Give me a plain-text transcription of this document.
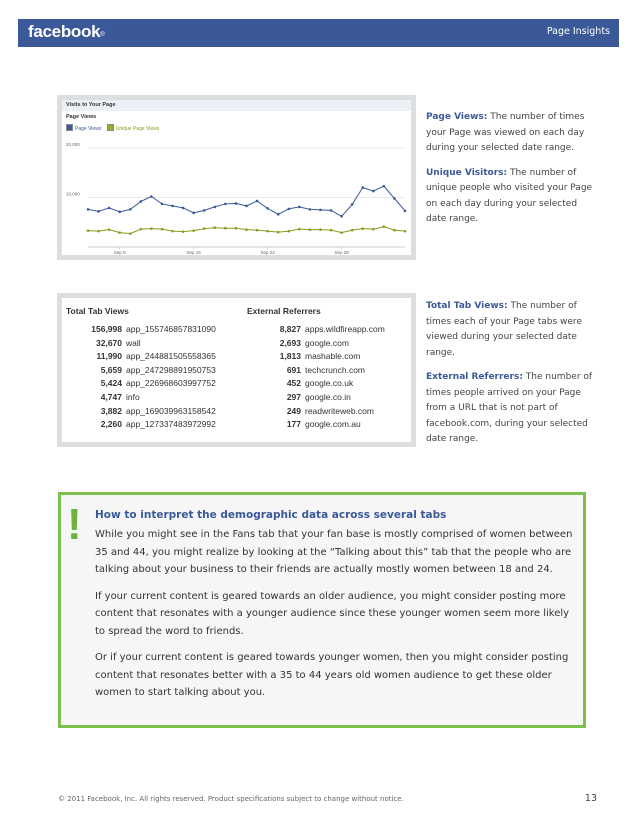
facebook®	Page Insights
Visits to Your Page
Page Views
Page Views	Unique Page Views
20,000
10,000
Sep 8	Sep 15	Sep 22	Sep 29
Total Tab Views	External Referrers
156,998 app_155746857831090
32,670 wall
11,990 app_244881505558365
5,659 app_247298891950753
5,424 app_226968603997752
4,747 info
3,882 app_169039963158542
2,260 app_127337483972992
8,827 apps.wildfireapp.com
2,693 google.com
1,813 mashable.com
691 techcrunch.com
452 google.co.uk
297 google.co.in
249 readwriteweb.com
177 google.com.au

Page Views: The number of times your Page was viewed on each day during your selected date range.

Unique Visitors: The number of unique people who visited your Page on each day during your selected date range.

Total Tab Views: The number of times each of your Page tabs were viewed during your selected date range.

External Referrers: The number of times people arrived on your Page from a URL that is not part of facebook.com, during your selected date range.

! How to interpret the demographic data across several tabs

While you might see in the Fans tab that your fan base is mostly comprised of women between 35 and 44, you might realize by looking at the “Talking about this” tab that the people who are talking about your business to their friends are actually mostly women between 18 and 24.

If your current content is geared towards an older audience, you might consider posting more content that resonates with a younger audience since these younger women seem more likely to spread the word to friends.

Or if your current content is geared towards younger women, then you might consider posting content that resonates better with a 35 to 44 years old women audience to get these older women to start talking about you.

© 2011 Facebook, Inc. All rights reserved. Product specifications subject to change without notice.	13
